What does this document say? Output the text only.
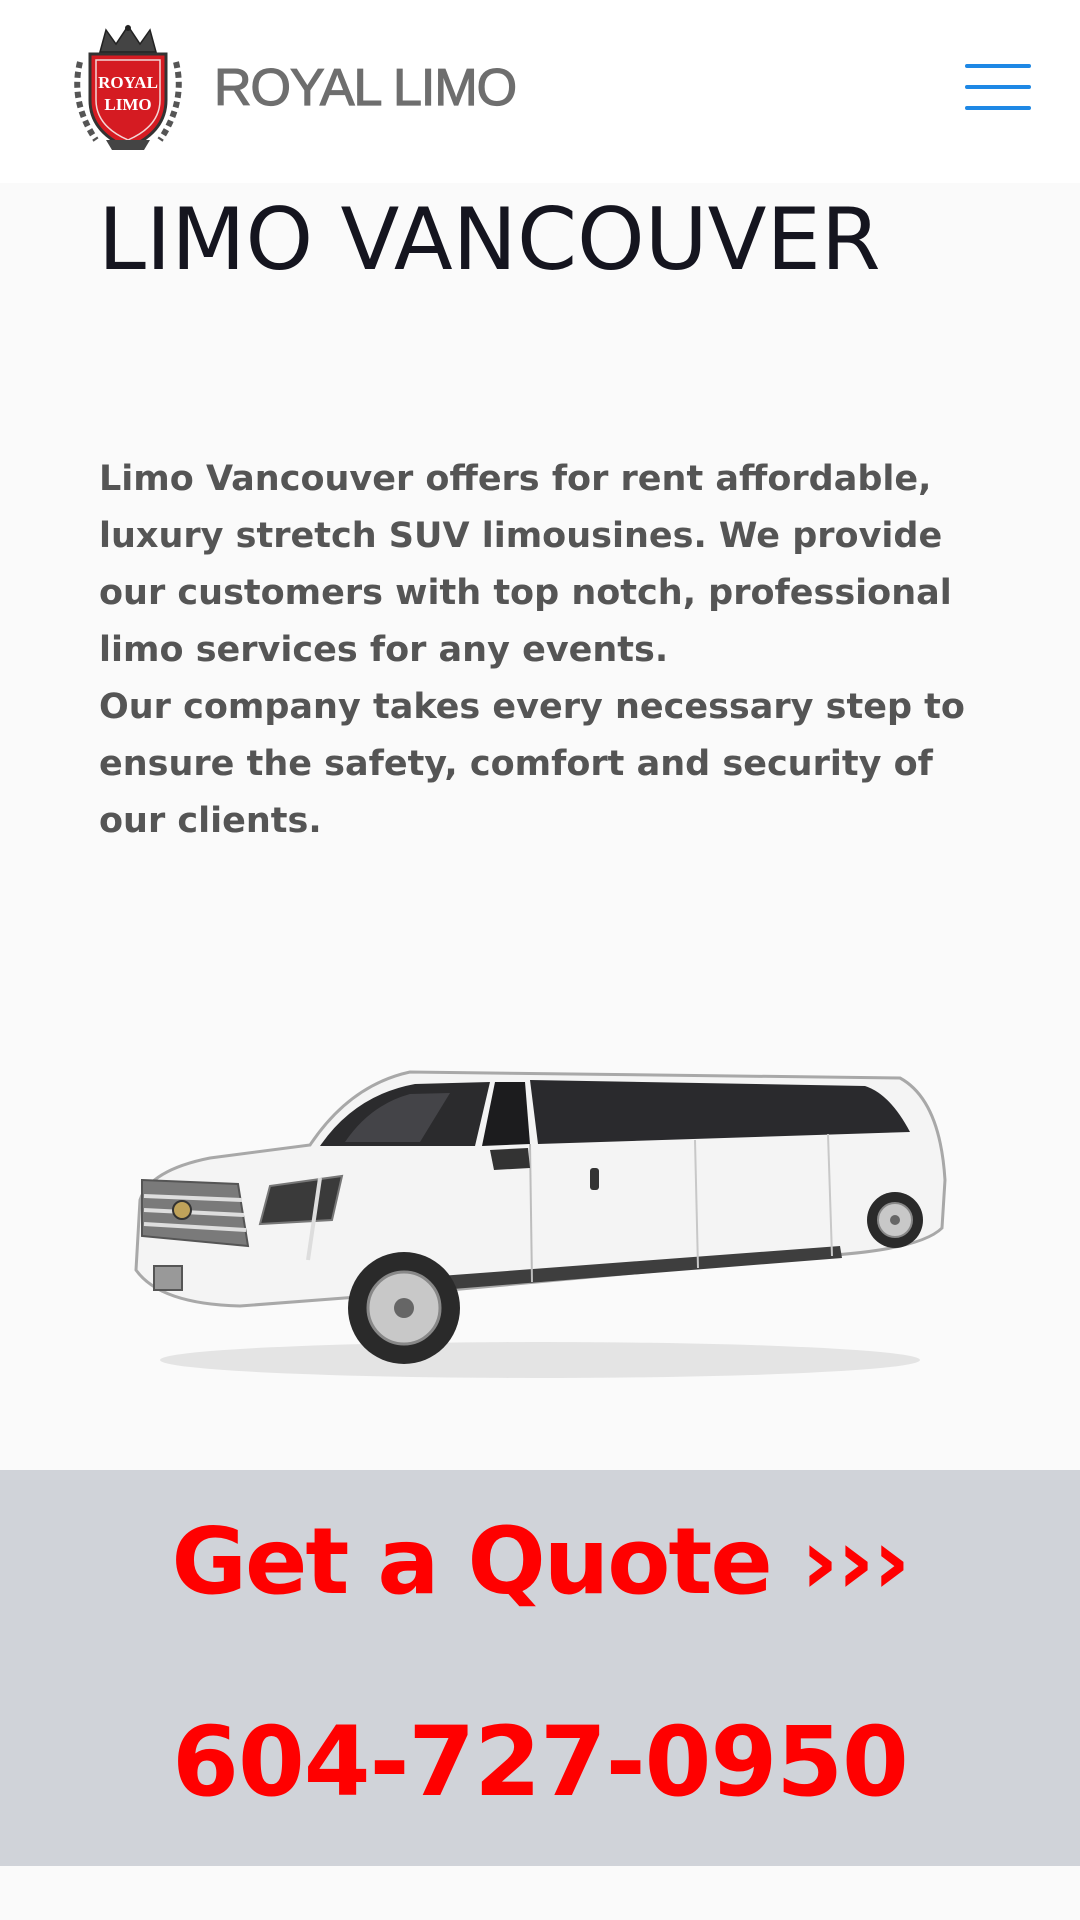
ROYAL
LIMO ROYAL LIMO
LIMO VANCOUVER

Limo Vancouver offers for rent affordable, luxury stretch SUV limousines. We provide our customers with top notch, professional limo services for any events.

Our company takes every necessary step to ensure the safety, comfort and security of our clients.

Get a Quote ›››
604-727-0950
